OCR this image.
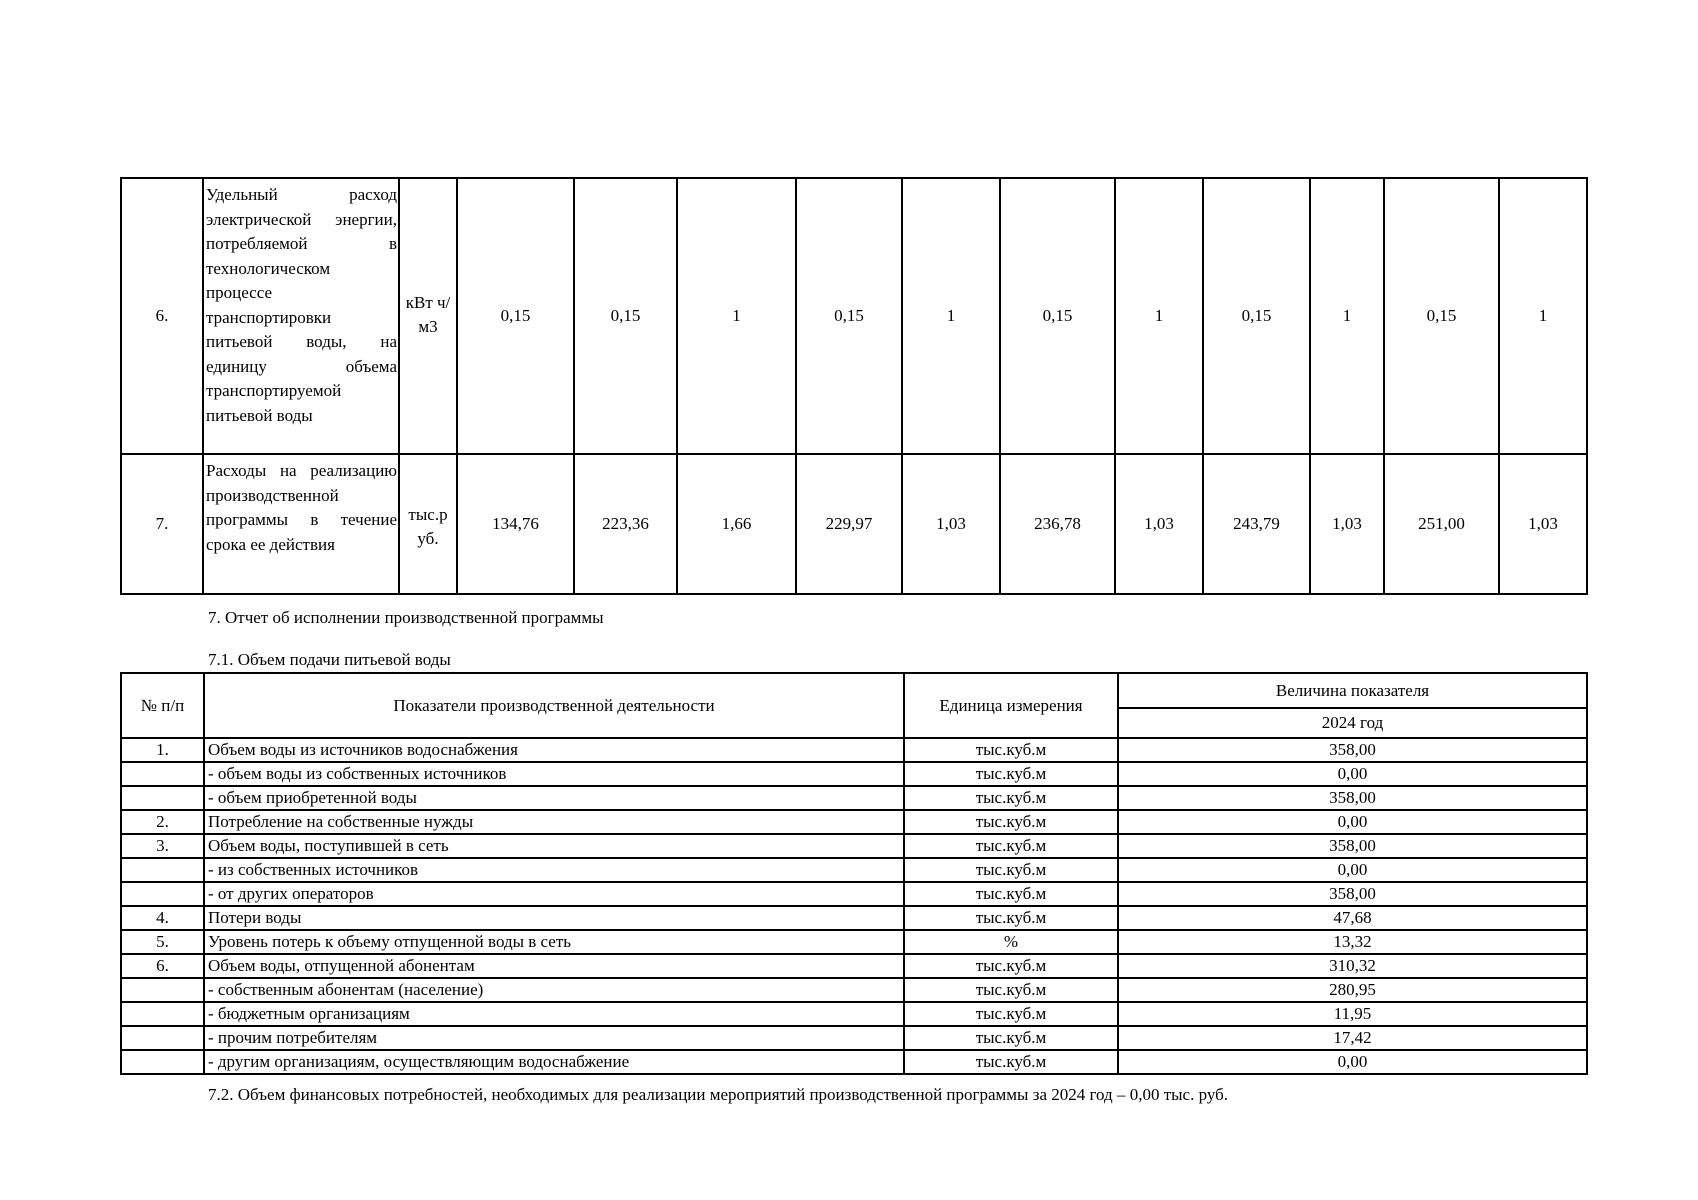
6.	Удельный расход электрической энергии, потребляемой в технологическом процессе транспортировки питьевой воды, на единицу объема транспортируемой питьевой воды	кВт ч/м3	0,15	0,15	1	0,15	1	0,15	1	0,15	1	0,15	1
7.	Расходы на реализацию производственной программы в течение срока ее действия	тыс.р уб.	134,76	223,36	1,66	229,97	1,03	236,78	1,03	243,79	1,03	251,00	1,03
7. Отчет об исполнении производственной программы
7.1. Объем подачи питьевой воды
№ п/п	Показатели производственной деятельности	Единица измерения	Величина показателя
			2024 год
1.	Объем воды из источников водоснабжения	тыс.куб.м	358,00
	- объем воды из собственных источников	тыс.куб.м	0,00
	- объем приобретенной воды	тыс.куб.м	358,00
2.	Потребление на собственные нужды	тыс.куб.м	0,00
3.	Объем воды, поступившей в сеть	тыс.куб.м	358,00
	- из собственных источников	тыс.куб.м	0,00
	- от других операторов	тыс.куб.м	358,00
4.	Потери воды	тыс.куб.м	47,68
5.	Уровень потерь к объему отпущенной воды в сеть	%	13,32
6.	Объем воды, отпущенной абонентам	тыс.куб.м	310,32
	- собственным абонентам (население)	тыс.куб.м	280,95
	- бюджетным организациям	тыс.куб.м	11,95
	- прочим потребителям	тыс.куб.м	17,42
	- другим организациям, осуществляющим водоснабжение	тыс.куб.м	0,00
7.2. Объем финансовых потребностей, необходимых для реализации мероприятий производственной программы за 2024 год – 0,00 тыс. руб.
